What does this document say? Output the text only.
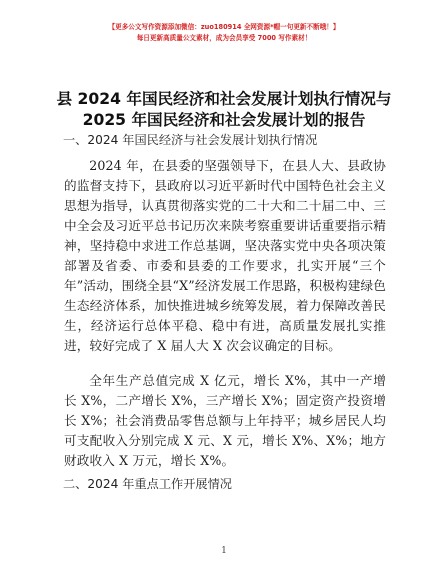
【更多公文写作资源添加微信：zuo180914 全网资源*帽一句更新不断哦！】
每日更新高质量公文素材，成为会员享受 7000 写作素材！
县 2024 年国民经济和社会发展计划执行情况与
2025 年国民经济和社会发展计划的报告
一、2024 年国民经济与社会发展计划执行情况

2024 年，在县委的坚强领导下，在县人大、县政协的监督支持下，县政府以习近平新时代中国特色社会主义思想为指导，认真贯彻落实党的二十大和二十届二中、三中全会及习近平总书记历次来陕考察重要讲话重要指示精神，坚持稳中求进工作总基调，坚决落实党中央各项决策部署及省委、市委和县委的工作要求，扎实开展“三个年”活动，围绕全县“X”经济发展工作思路，积极构建绿色生态经济体系，加快推进城乡统筹发展，着力保障改善民生，经济运行总体平稳、稳中有进，高质量发展扎实推进，较好完成了 X 届人大 X 次会议确定的目标。

全年生产总值完成 X 亿元，增长 X%，其中一产增长 X%，二产增长 X%，三产增长 X%；固定资产投资增长 X%；社会消费品零售总额与上年持平；城乡居民人均可支配收入分别完成 X 元、X 元，增长 X%、X%；地方财政收入 X 万元，增长 X%。

二、2024 年重点工作开展情况
1
